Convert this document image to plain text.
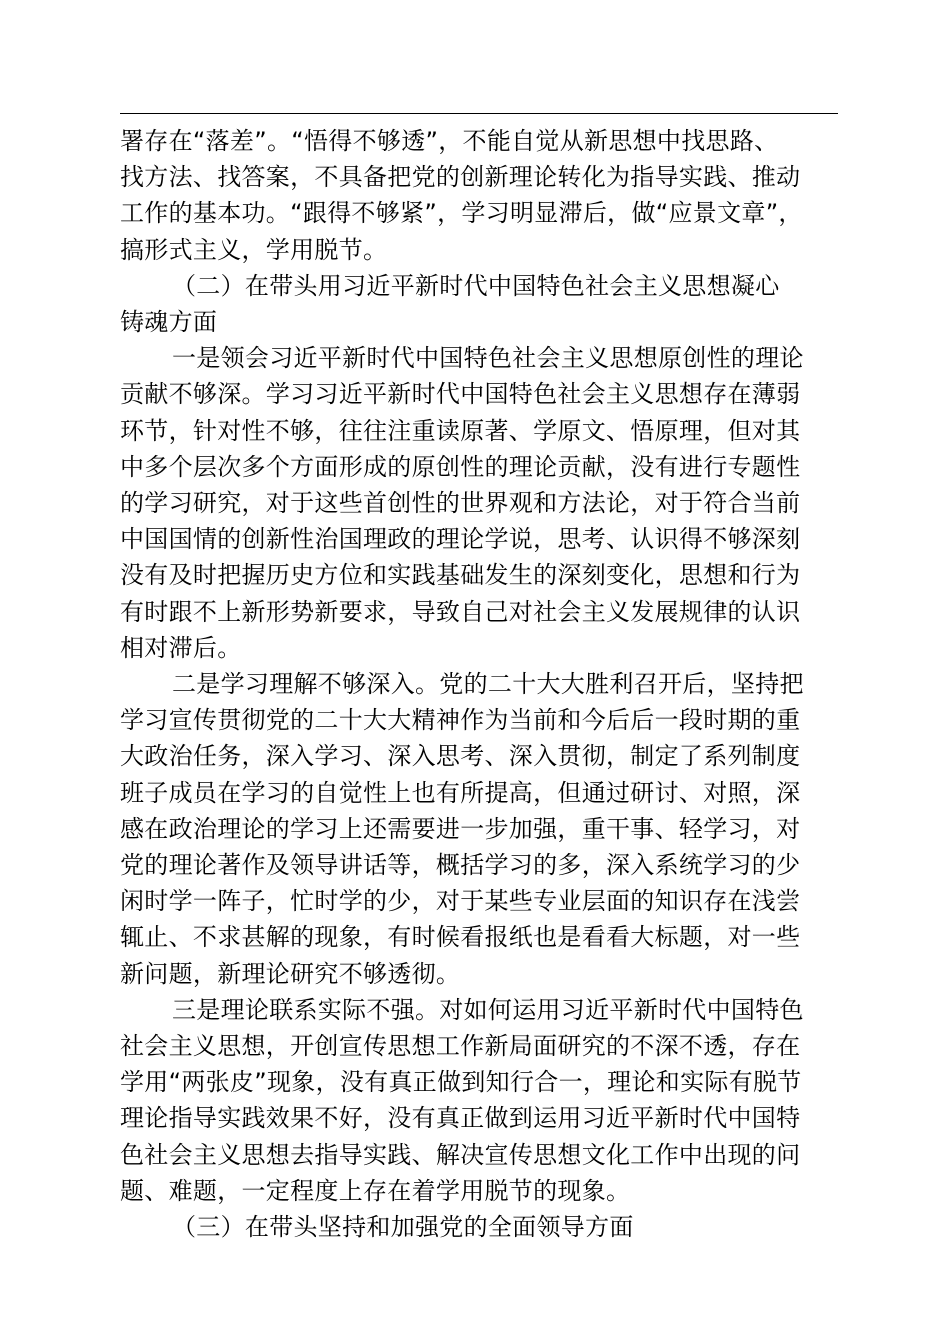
署存在“落差”。“悟得不够透”，不能自觉从新思想中找思路、
找方法、找答案，不具备把党的创新理论转化为指导实践、推动
工作的基本功。“跟得不够紧”，学习明显滞后，做“应景文章”，
搞形式主义，学用脱节。
（二）在带头用习近平新时代中国特色社会主义思想凝心
铸魂方面
一是领会习近平新时代中国特色社会主义思想原创性的理论
贡献不够深。学习习近平新时代中国特色社会主义思想存在薄弱
环节，针对性不够，往往注重读原著、学原文、悟原理，但对其
中多个层次多个方面形成的原创性的理论贡献，没有进行专题性
的学习研究，对于这些首创性的世界观和方法论，对于符合当前
中国国情的创新性治国理政的理论学说，思考、认识得不够深刻
没有及时把握历史方位和实践基础发生的深刻变化，思想和行为
有时跟不上新形势新要求，导致自己对社会主义发展规律的认识
相对滞后。
二是学习理解不够深入。党的二十大大胜利召开后，坚持把
学习宣传贯彻党的二十大大精神作为当前和今后后一段时期的重
大政治任务，深入学习、深入思考、深入贯彻，制定了系列制度
班子成员在学习的自觉性上也有所提高，但通过研讨、对照，深
感在政治理论的学习上还需要进一步加强，重干事、轻学习，对
党的理论著作及领导讲话等，概括学习的多，深入系统学习的少
闲时学一阵子，忙时学的少，对于某些专业层面的知识存在浅尝
辄止、不求甚解的现象，有时候看报纸也是看看大标题，对一些
新问题，新理论研究不够透彻。
三是理论联系实际不强。对如何运用习近平新时代中国特色
社会主义思想，开创宣传思想工作新局面研究的不深不透，存在
学用“两张皮”现象，没有真正做到知行合一，理论和实际有脱节
理论指导实践效果不好，没有真正做到运用习近平新时代中国特
色社会主义思想去指导实践、解决宣传思想文化工作中出现的问
题、难题，一定程度上存在着学用脱节的现象。
（三）在带头坚持和加强党的全面领导方面
